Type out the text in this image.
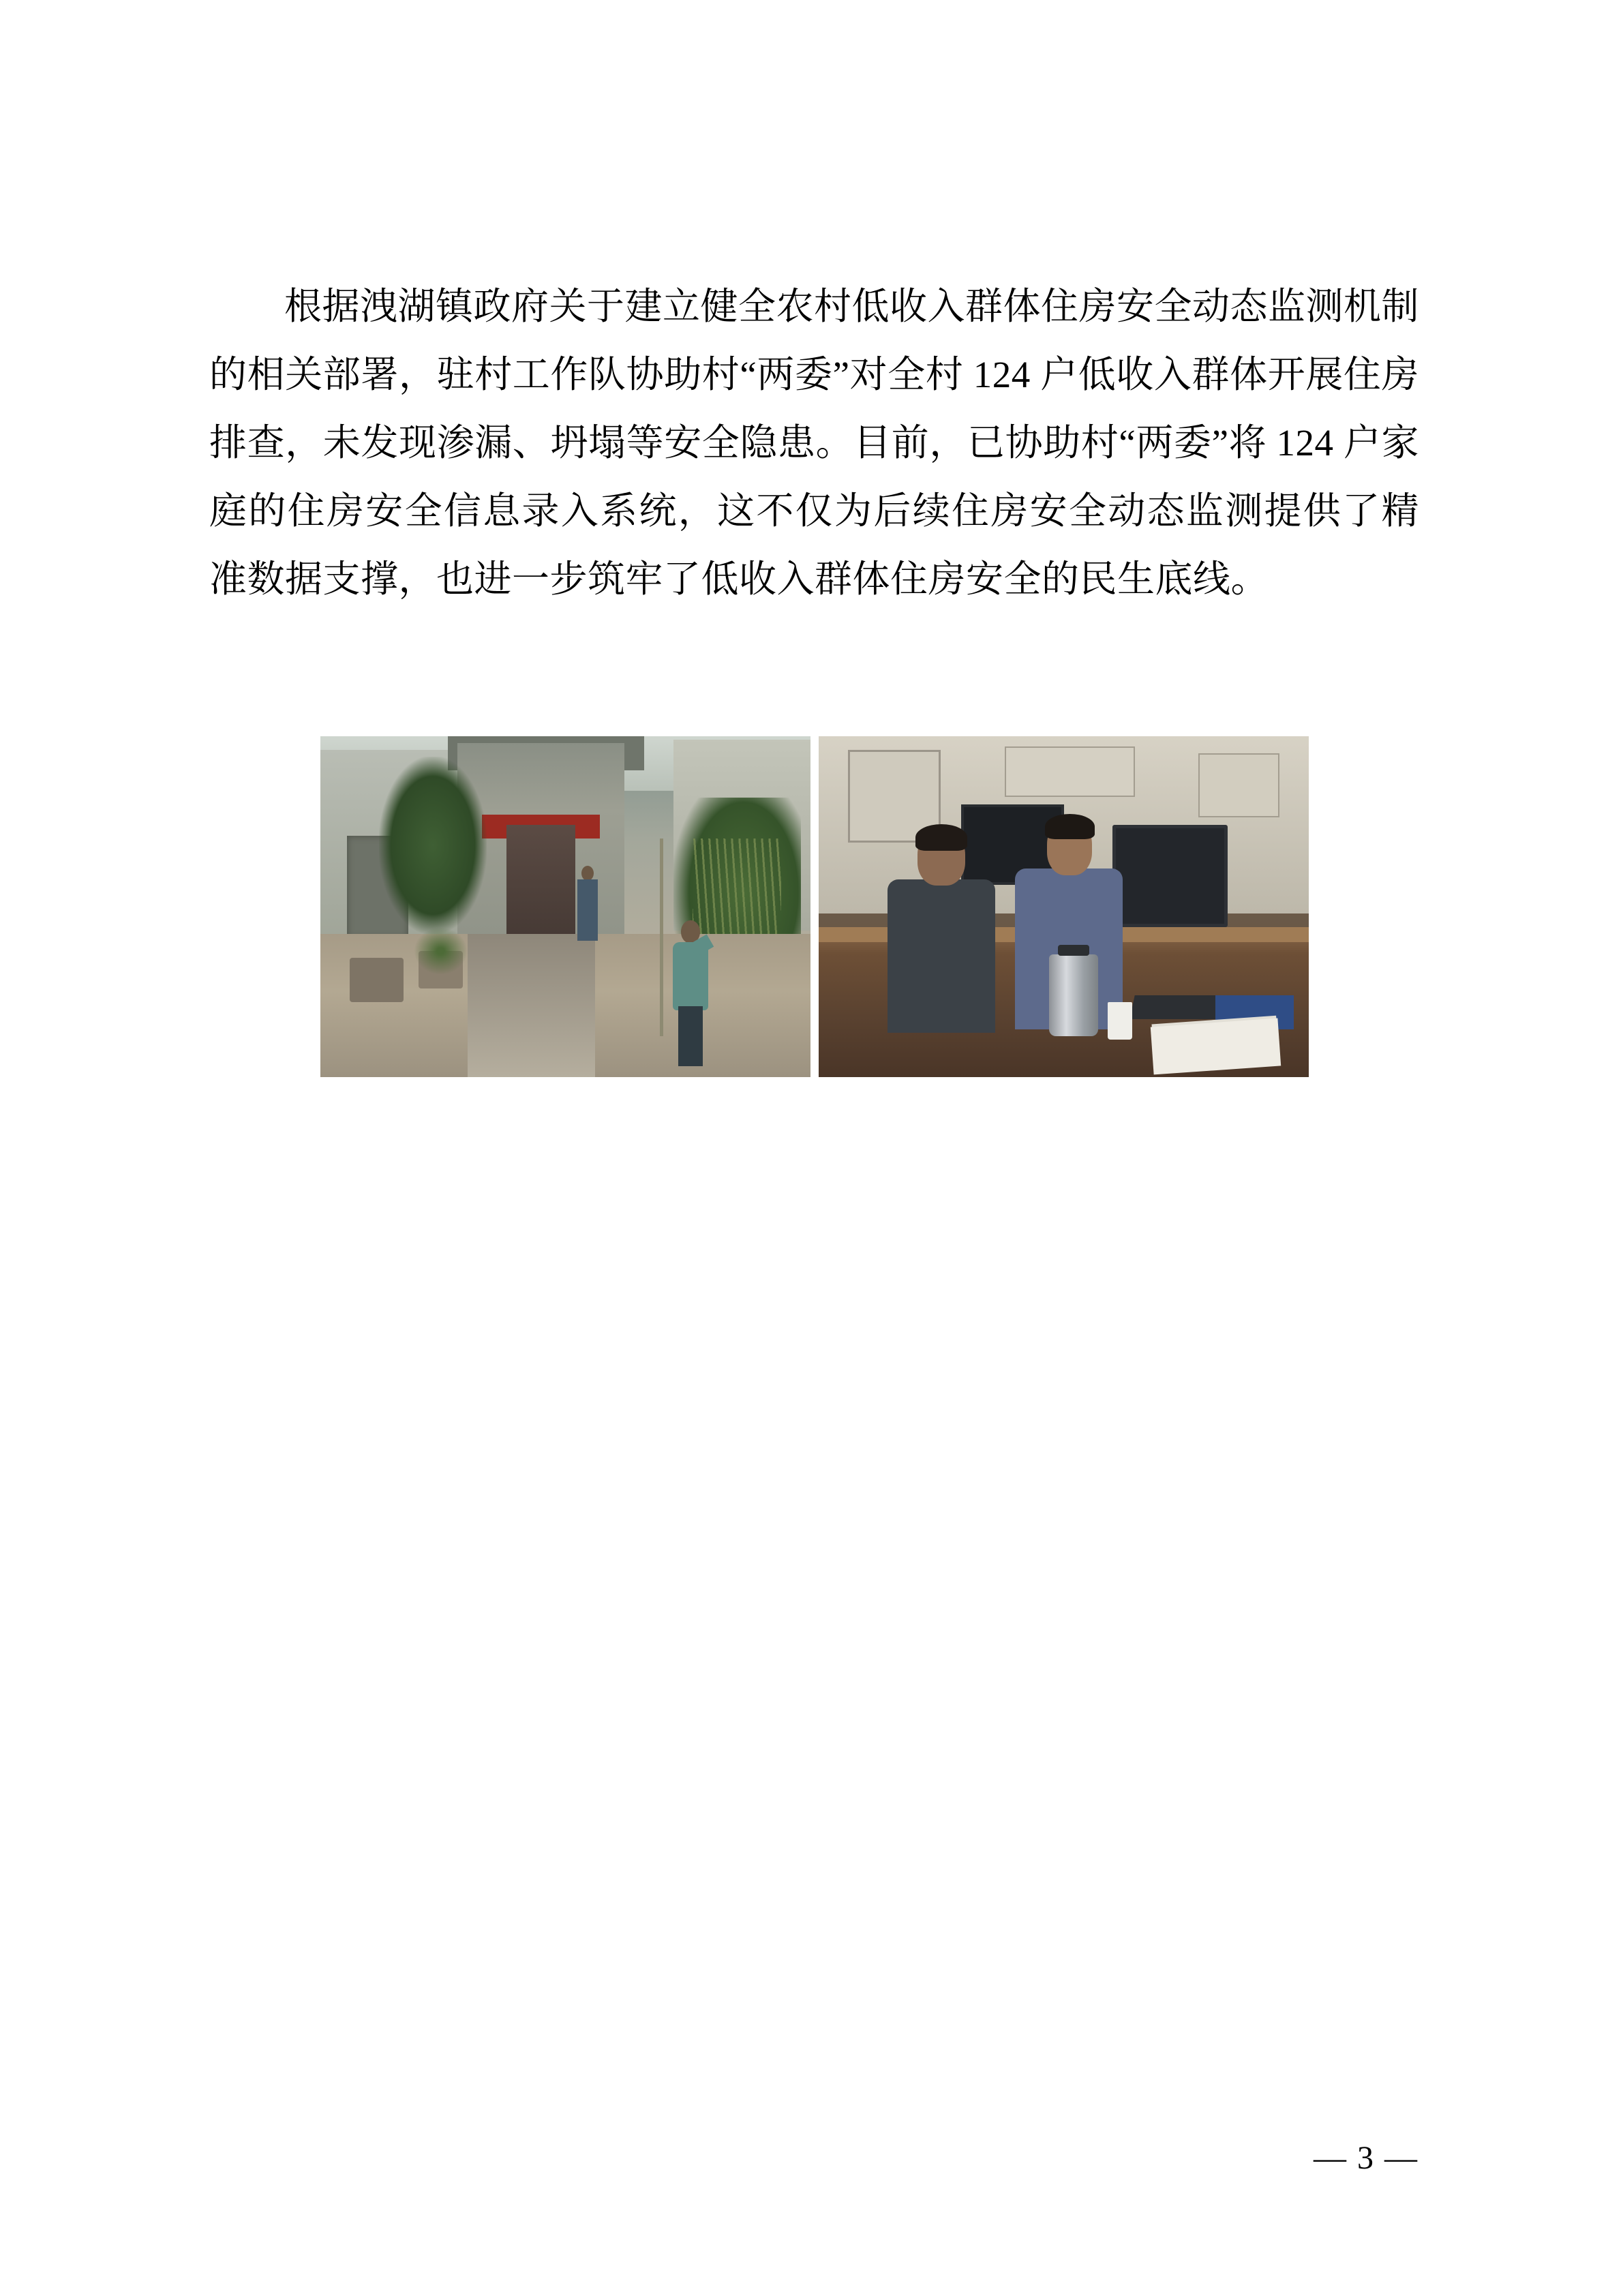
根据洩湖镇政府关于建立健全农村低收入群体住房安全动态监测机制的相关部署，驻村工作队协助村“两委”对全村 124 户低收入群体开展住房排查，未发现渗漏、坍塌等安全隐患。目前，已协助村“两委”将 124 户家庭的住房安全信息录入系统，这不仅为后续住房安全动态监测提供了精准数据支撑，也进一步筑牢了低收入群体住房安全的民生底线。

— 3 —
